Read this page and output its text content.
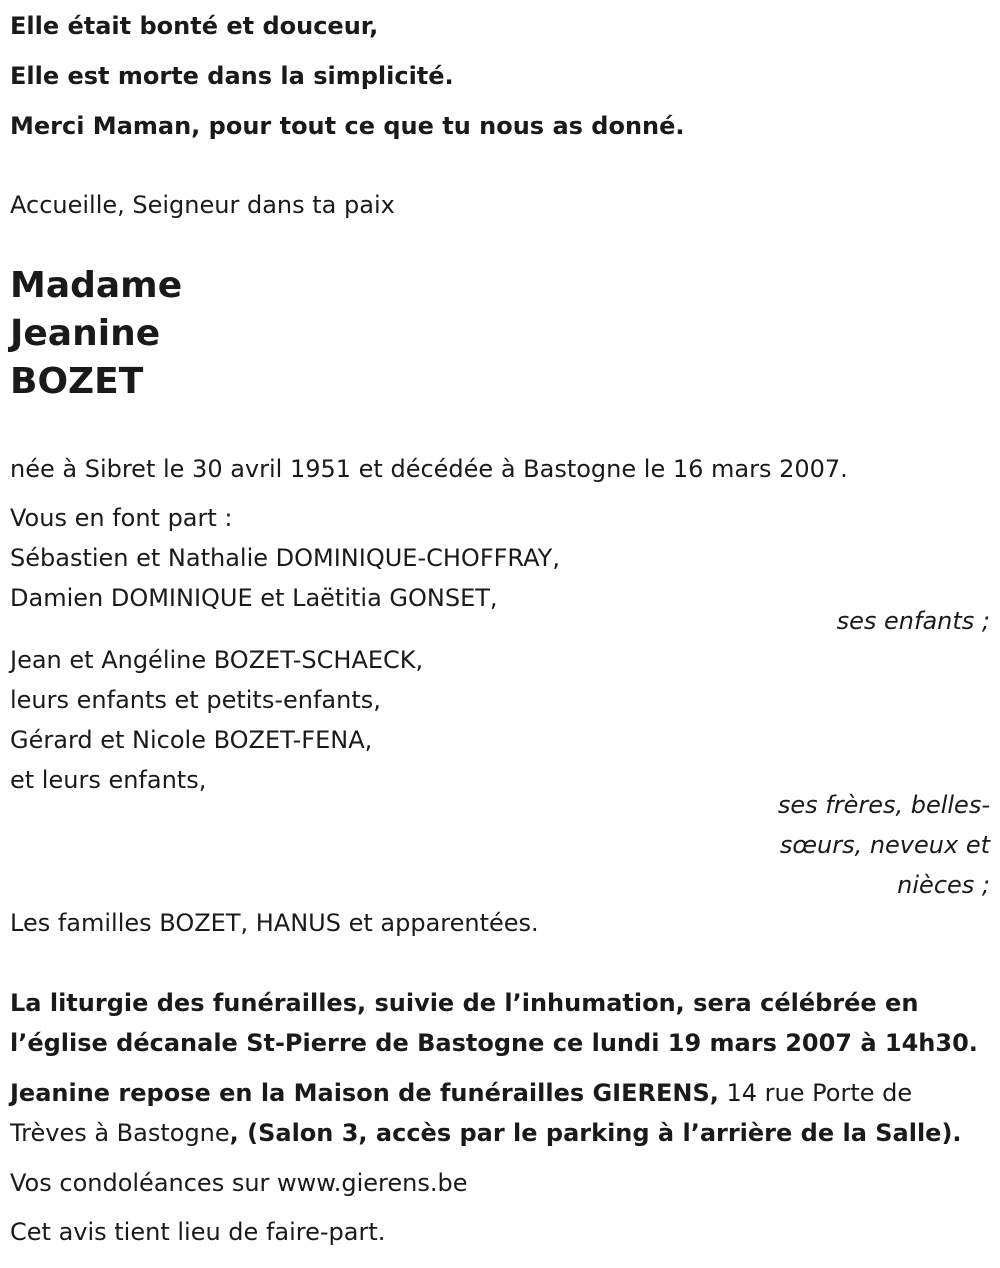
Elle était bonté et douceur,
Elle est morte dans la simplicité.
Merci Maman, pour tout ce que tu nous as donné.
Accueille, Seigneur dans ta paix
Madame
Jeanine
BOZET
née à Sibret le 30 avril 1951 et décédée à Bastogne le 16 mars 2007.
Vous en font part :
Sébastien et Nathalie DOMINIQUE-CHOFFRAY,
Damien DOMINIQUE et Laëtitia GONSET,
ses enfants ;
Jean et Angéline BOZET-SCHAECK,
leurs enfants et petits-enfants,
Gérard et Nicole BOZET-FENA,
et leurs enfants,
ses frères, belles-
sœurs, neveux et
nièces ;
Les familles BOZET, HANUS et apparentées.
La liturgie des funérailles, suivie de l’inhumation, sera célébrée en
l’église décanale St-Pierre de Bastogne ce lundi 19 mars 2007 à 14h30.
Jeanine repose en la Maison de funérailles GIERENS, 14 rue Porte de
Trèves à Bastogne, (Salon 3, accès par le parking à l’arrière de la Salle).
Vos condoléances sur www.gierens.be
Cet avis tient lieu de faire-part.
